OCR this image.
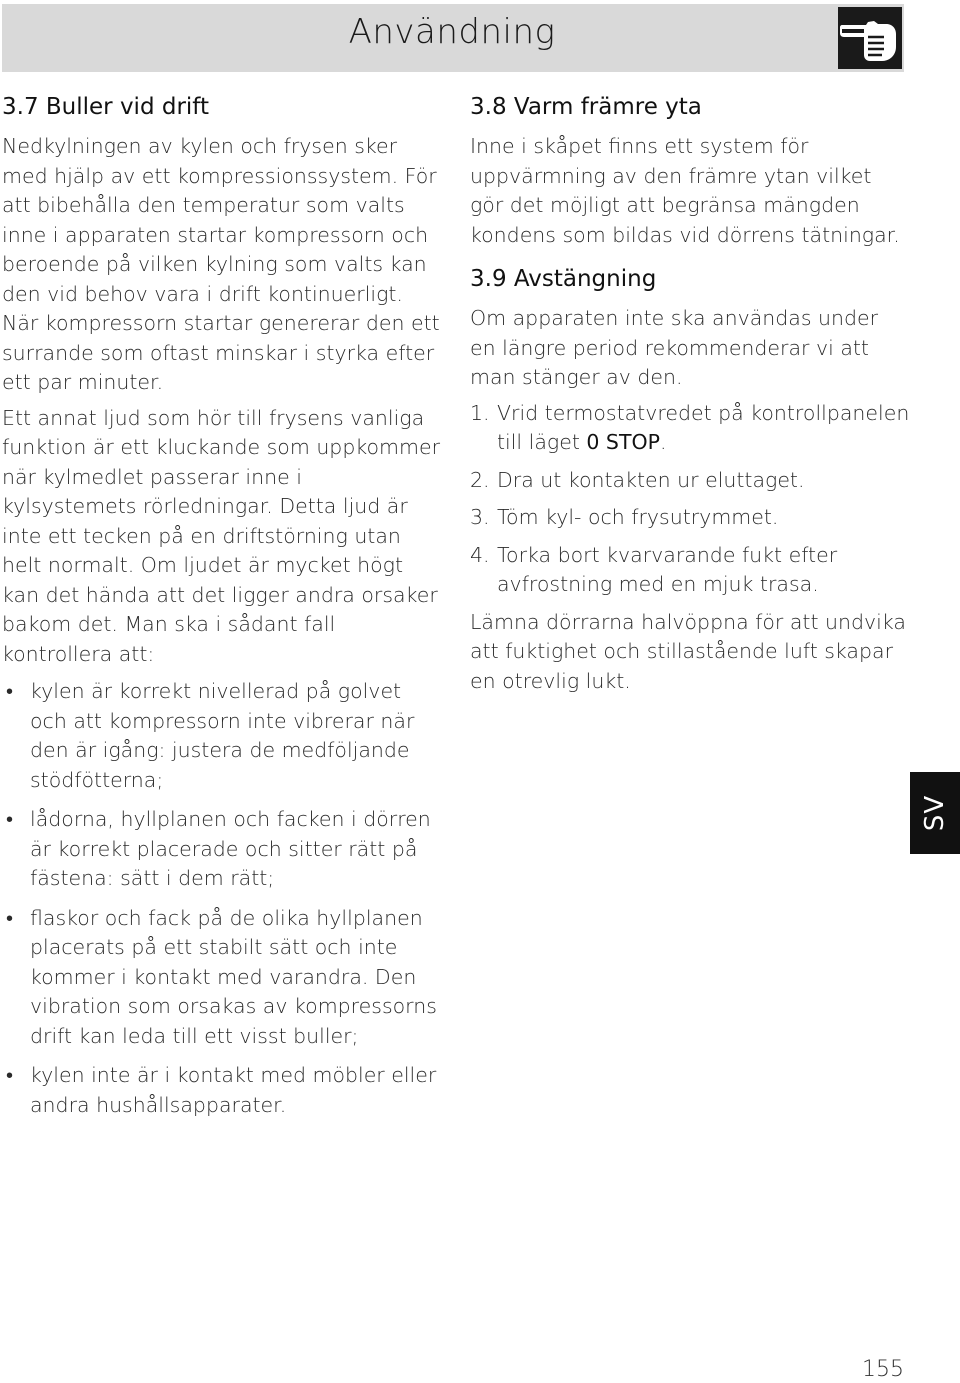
Användning
3.7 Buller vid drift

Nedkylningen av kylen och frysen sker med hjälp av ett kompressionssystem. För att bibehålla den temperatur som valts inne i apparaten startar kompressorn och beroende på vilken kylning som valts kan den vid behov vara i drift kontinuerligt. När kompressorn startar genererar den ett surrande som oftast minskar i styrka efter ett par minuter.

Ett annat ljud som hör till frysens vanliga funktion är ett kluckande som uppkommer när kylmedlet passerar inne i kylsystemets rörledningar. Detta ljud är inte ett tecken på en driftstörning utan helt normalt. Om ljudet är mycket högt kan det hända att det ligger andra orsaker bakom det. Man ska i sådant fall kontrollera att:

• kylen är korrekt nivellerad på golvet och att kompressorn inte vibrerar när den är igång: justera de medföljande stödfötterna;
• lådorna, hyllplanen och facken i dörren är korrekt placerade och sitter rätt på fästena: sätt i dem rätt;
• flaskor och fack på de olika hyllplanen placerats på ett stabilt sätt och inte kommer i kontakt med varandra. Den vibration som orsakas av kompressorns drift kan leda till ett visst buller;
• kylen inte är i kontakt med möbler eller andra hushållsapparater.
3.8 Varm främre yta

Inne i skåpet finns ett system för uppvärmning av den främre ytan vilket gör det möjligt att begränsa mängden kondens som bildas vid dörrens tätningar.

3.9 Avstängning

Om apparaten inte ska användas under en längre period rekommenderar vi att man stänger av den.

1. Vrid termostatvredet på kontrollpanelen till läget 0 STOP.
2. Dra ut kontakten ur eluttaget.
3. Töm kyl- och frysutrymmet.
4. Torka bort kvarvarande fukt efter avfrostning med en mjuk trasa.

Lämna dörrarna halvöppna för att undvika att fuktighet och stillastående luft skapar en otrevlig lukt.

SV
155
